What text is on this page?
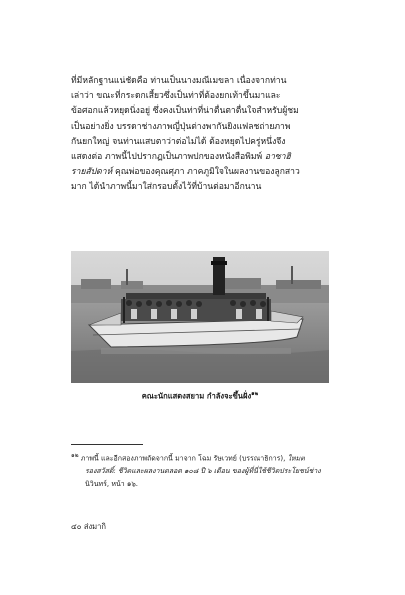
ที่มีหลักฐานแน่ชัดคือ ท่านเป็นนางมณีเมขลา เนื่องจากท่าน
เล่าว่า ขณะที่กระดกเสี้ยวซึ่งเป็นท่าที่ต้องยกเท้าขึ้นมาและ
ข้อศอกแล้วหยุดนิ่งอยู่ ซึ่งคงเป็นท่าที่น่าตื่นตาตื่นใจสำหรับผู้ชม
เป็นอย่างยิ่ง บรรดาช่างภาพญี่ปุ่นต่างพากันยิงแฟลชถ่ายภาพ
กันยกใหญ่ จนท่านแสบตาว่าต่อไม่ได้ ต้องหยุดไปครู่หนึ่งจึง
แสดงต่อ ภาพนี้ไปปรากฏเป็นภาพปกของหนังสือพิมพ์ อาซาฮิ
รายสัปดาห์ คุณพ่อของคุณศุภา ภาคภูมิใจในผลงานของลูกสาว
มาก ได้นำภาพนี้มาใส่กรอบตั้งไว้ที่บ้านต่อมาอีกนาน

คณะนักแสดงสยาม กำลังจะขึ้นฝั่ง$^{๑๒}$
$^{๑๒}$ ภาพนี้ และอีกสองภาพถัดจากนี้ มาจาก โฉม รัษเวทย์ (บรรณาธิการ), ใหมต
รองสวัสดิ์: ชีวิตและผลงานตลอด ๑๐๘ ปี ๖ เดือน ของผู้ที่นี่ใช้ชีวิตประโยชน์ช่าง
นิวินทร์, หน้า ๑๖.
๔๐ ส่งมากิ
